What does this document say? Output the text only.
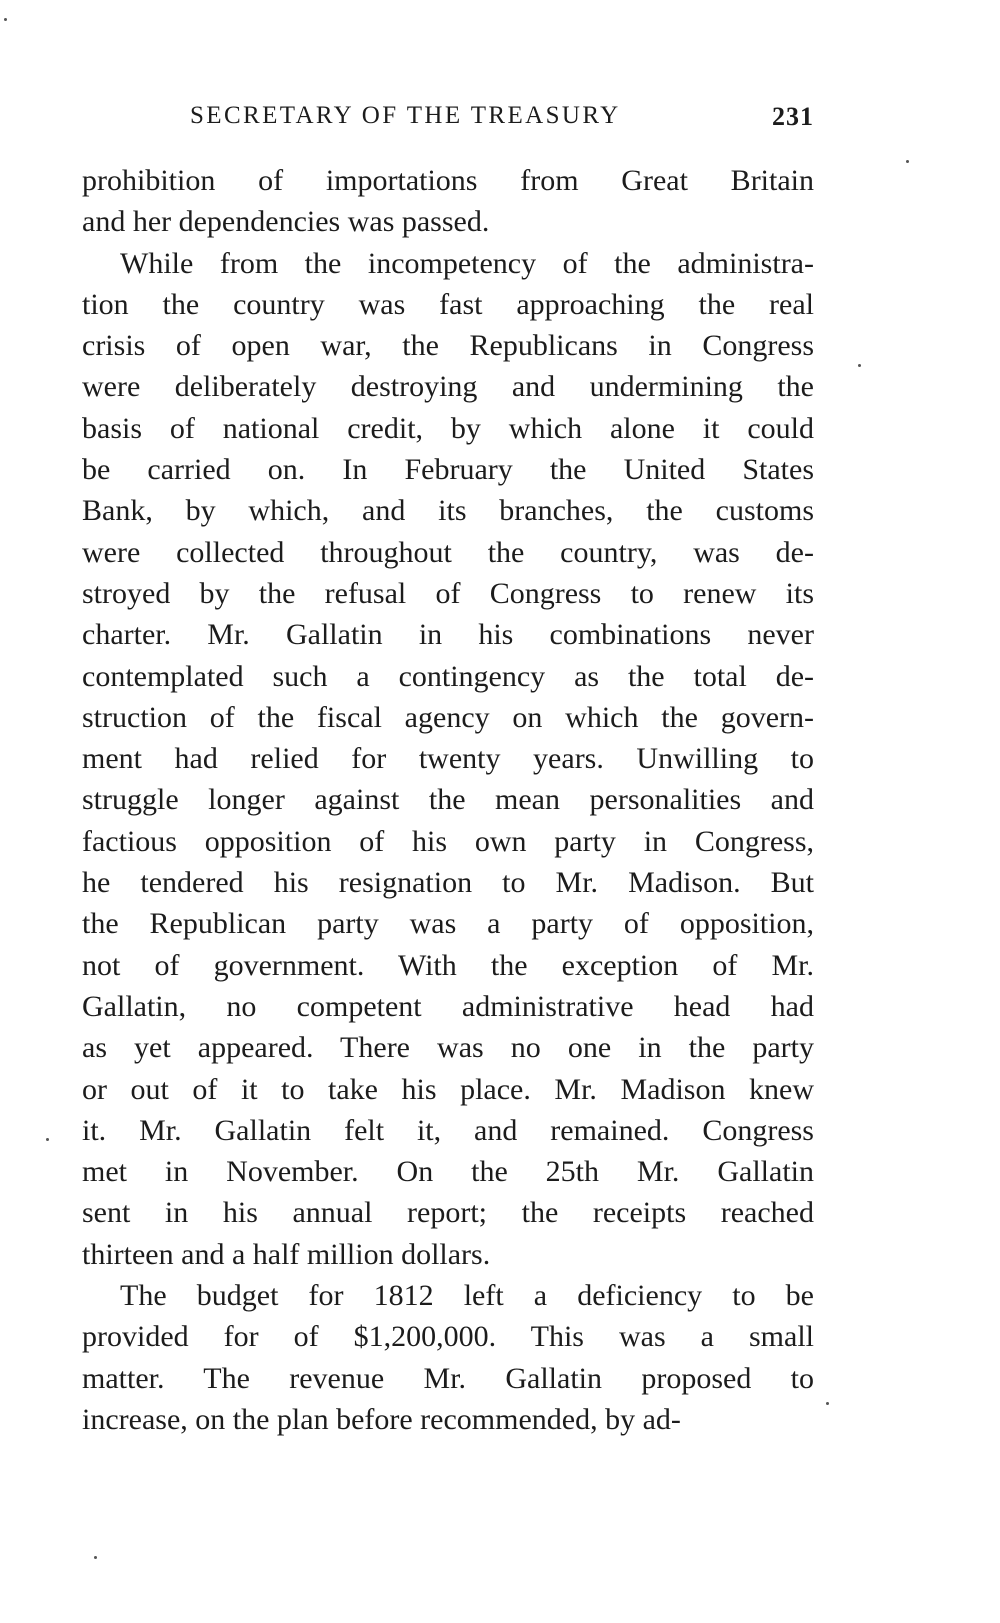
SECRETARY OF THE TREASURY	231
prohibition of importations from Great Britain
and her dependencies was passed.
While from the incompetency of the administra-
tion the country was fast approaching the real
crisis of open war, the Republicans in Congress
were deliberately destroying and undermining the
basis of national credit, by which alone it could
be carried on. In February the United States
Bank, by which, and its branches, the customs
were collected throughout the country, was de-
stroyed by the refusal of Congress to renew its
charter. Mr. Gallatin in his combinations never
contemplated such a contingency as the total de-
struction of the fiscal agency on which the govern-
ment had relied for twenty years. Unwilling to
struggle longer against the mean personalities and
factious opposition of his own party in Congress,
he tendered his resignation to Mr. Madison. But
the Republican party was a party of opposition,
not of government. With the exception of Mr.
Gallatin, no competent administrative head had
as yet appeared. There was no one in the party
or out of it to take his place. Mr. Madison knew
it. Mr. Gallatin felt it, and remained. Congress
met in November. On the 25th Mr. Gallatin
sent in his annual report; the receipts reached
thirteen and a half million dollars.
The budget for 1812 left a deficiency to be
provided for of $1,200,000. This was a small
matter. The revenue Mr. Gallatin proposed to
increase, on the plan before recommended, by ad-
